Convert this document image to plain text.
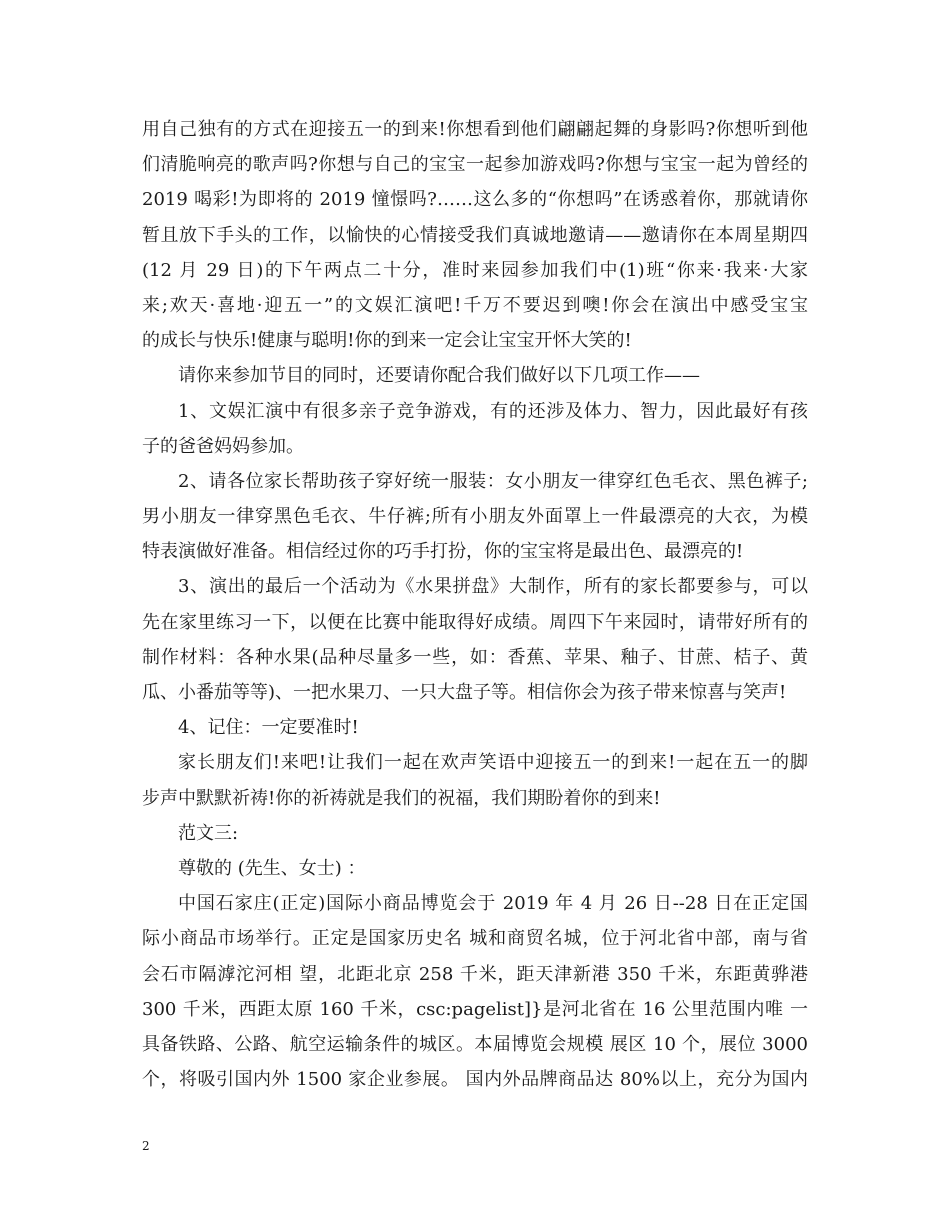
用自己独有的方式在迎接五一的到来!你想看到他们翩翩起舞的身影吗?你想听到他
们清脆响亮的歌声吗?你想与自己的宝宝一起参加游戏吗?你想与宝宝一起为曾经的
2019 喝彩!为即将的 2019 憧憬吗?……这么多的“你想吗”在诱惑着你，那就请你
暂且放下手头的工作，以愉快的心情接受我们真诚地邀请——邀请你在本周星期四
(12 月 29 日)的下午两点二十分，准时来园参加我们中(1)班“你来·我来·大家
来;欢天·喜地·迎五一”的文娱汇演吧!千万不要迟到噢!你会在演出中感受宝宝
的成长与快乐!健康与聪明!你的到来一定会让宝宝开怀大笑的!
请你来参加节目的同时，还要请你配合我们做好以下几项工作——
1、文娱汇演中有很多亲子竞争游戏，有的还涉及体力、智力，因此最好有孩
子的爸爸妈妈参加。
2、请各位家长帮助孩子穿好统一服装：女小朋友一律穿红色毛衣、黑色裤子;
男小朋友一律穿黑色毛衣、牛仔裤;所有小朋友外面罩上一件最漂亮的大衣，为模
特表演做好准备。相信经过你的巧手打扮，你的宝宝将是最出色、最漂亮的!
3、演出的最后一个活动为《水果拼盘》大制作，所有的家长都要参与，可以
先在家里练习一下，以便在比赛中能取得好成绩。周四下午来园时，请带好所有的
制作材料：各种水果(品种尽量多一些，如：香蕉、苹果、釉子、甘蔗、桔子、黄
瓜、小番茄等等)、一把水果刀、一只大盘子等。相信你会为孩子带来惊喜与笑声!
4、记住：一定要准时!
家长朋友们!来吧!让我们一起在欢声笑语中迎接五一的到来!一起在五一的脚
步声中默默祈祷!你的祈祷就是我们的祝福，我们期盼着你的到来!
范文三:
尊敬的 (先生、女士) ：
中国石家庄(正定)国际小商品博览会于 2019 年 4 月 26 日--28 日在正定国
际小商品市场举行。正定是国家历史名 城和商贸名城，位于河北省中部，南与省
会石市隔滹沱河相 望，北距北京 258 千米，距天津新港 350 千米，东距黄骅港
300 千米，西距太原 160 千米，csc:pagelist]}是河北省在 16 公里范围内唯 一
具备铁路、公路、航空运输条件的城区。本届博览会规模 展区 10 个，展位 3000
个，将吸引国内外 1500 家企业参展。 国内外品牌商品达 80%以上，充分为国内
2
